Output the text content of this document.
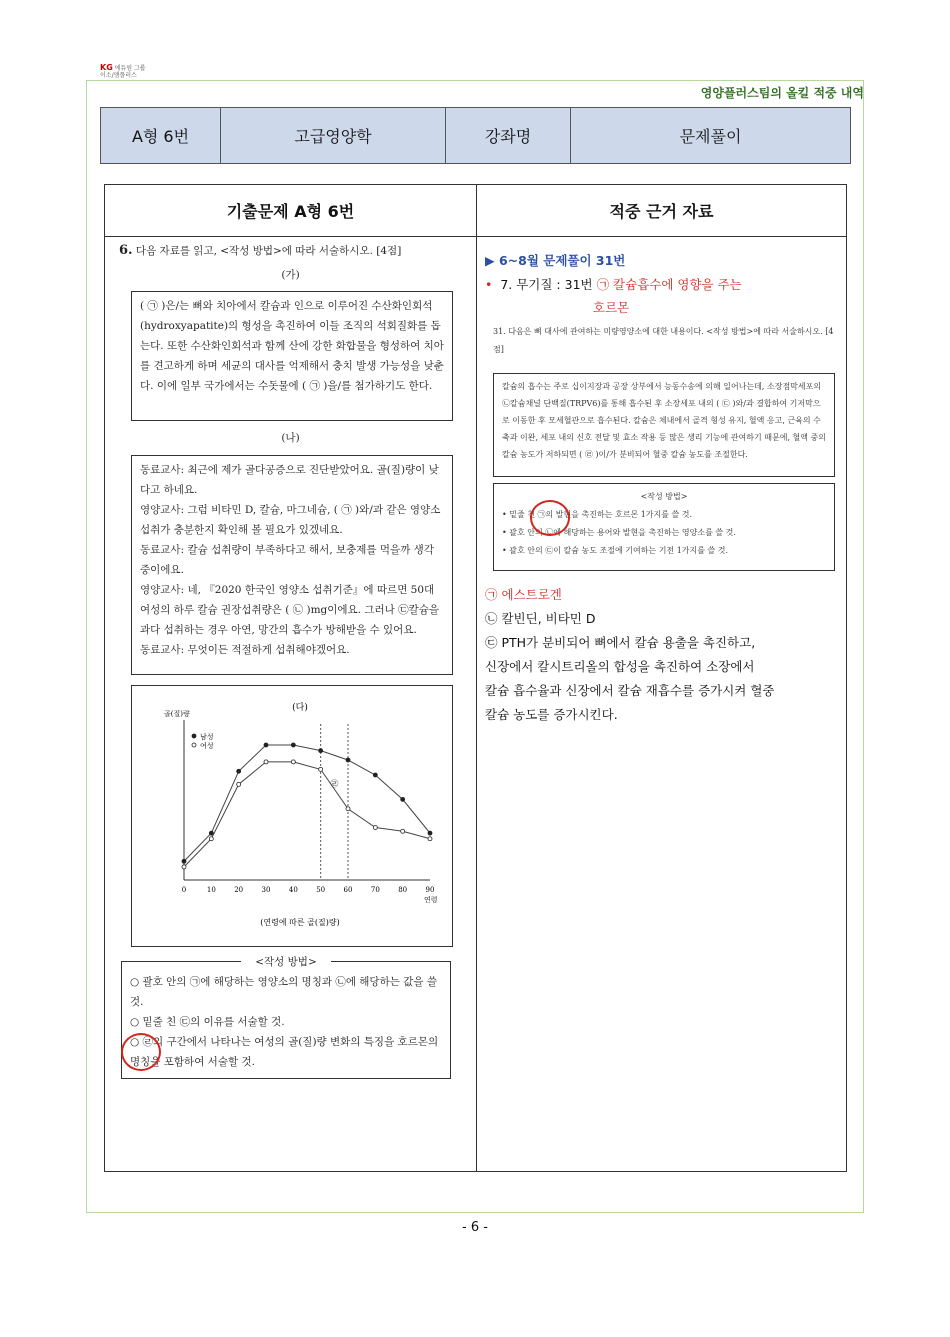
KG 에듀원 그룹
이소/앰플러스
영양플러스팀의 올킬 적중 내역
A형 6번	고급영양학	강좌명	문제풀이
기출문제 A형 6번	적중 근거 자료
6. 다음 자료를 읽고, <작성 방법>에 따라 서술하시오. [4점]
(가)
( ㉠ )은/는 뼈와 치아에서 칼슘과 인으로 이루어진 수산화인회석(hydroxyapatite)의 형성을 촉진하여 이들 조직의 석회질화를 돕는다. 또한 수산화인회석과 함께 산에 강한 화합물을 형성하여 치아를 견고하게 하며 세균의 대사를 억제해서 충치 발생 가능성을 낮춘다. 이에 일부 국가에서는 수돗물에 ( ㉠ )을/를 첨가하기도 한다.
(나)
동료교사: 최근에 제가 골다공증으로 진단받았어요. 골(질)량이 낮다고 하네요.
영양교사: 그럼 비타민 D, 칼슘, 마그네슘, ( ㉠ )와/과 같은 영양소 섭취가 충분한지 확인해 볼 필요가 있겠네요.
동료교사: 칼슘 섭취량이 부족하다고 해서, 보충제를 먹을까 생각중이에요.
영양교사: 네, 『2020 한국인 영양소 섭취기준』에 따르면 50대 여성의 하루 칼슘 권장섭취량은 ( ㉡ )mg이에요. 그러나 ㉢칼슘을 과다 섭취하는 경우 아연, 망간의 흡수가 방해받을 수 있어요.
동료교사: 무엇이든 적절하게 섭취해야겠어요.
(다)
골(질)량
연령
0	10	20	30	40	50	60	70	80	90
㉣
남성
여성
(연령에 따른 골(질)량)
<작성 방법>
○ 괄호 안의 ㉠에 해당하는 영양소의 명칭과 ㉡에 해당하는 값을 쓸 것.
○ 밑줄 친 ㉢의 이유를 서술할 것.
○ ㉣의 구간에서 나타나는 여성의 골(질)량 변화의 특징을 호르몬의 명칭을 포함하여 서술할 것.
▶ 6~8월 문제풀이 31번
• 7. 무기질 : 31번 ㉠ 칼슘흡수에 영향을 주는
호르몬
31. 다음은 뼈 대사에 관여하는 미량영양소에 대한 내용이다. <작성 방법>에 따라 서술하시오. [4점]
칼슘의 흡수는 주로 십이지장과 공장 상부에서 능동수송에 의해 일어나는데, 소장점막세포의 ㉡칼슘채널 단백질(TRPV6)를 통해 흡수된 후 소장세포 내의 ( ㉢ )와/과 결합하여 기저막으로 이동한 후 모세혈관으로 흡수된다. 칼슘은 체내에서 골격 형성 유지, 혈액 응고, 근육의 수축과 이완, 세포 내의 신호 전달 및 효소 작용 등 많은 생리 기능에 관여하기 때문에, 혈액 중의 칼슘 농도가 저하되면 ( ㉣ )이/가 분비되어 혈중 칼슘 농도를 조절한다.
<작성 방법>
• 밑줄 친 ㉠의 발현을 촉진하는 호르몬 1가지를 쓸 것.
• 괄호 안의 ㉡에 해당하는 용어와 발현을 촉진하는 영양소를 쓸 것.
• 괄호 안의 ㉢이 칼슘 농도 조절에 기여하는 기전 1가지를 쓸 것.
㉠ 에스트로겐
㉡ 칼빈딘, 비타민 D
㉢ PTH가 분비되어 뼈에서 칼슘 용출을 촉진하고,
신장에서 칼시트리올의 합성을 촉진하여 소장에서
칼슘 흡수율과 신장에서 칼슘 재흡수를 증가시켜 혈중
칼슘 농도를 증가시킨다.
- 6 -
